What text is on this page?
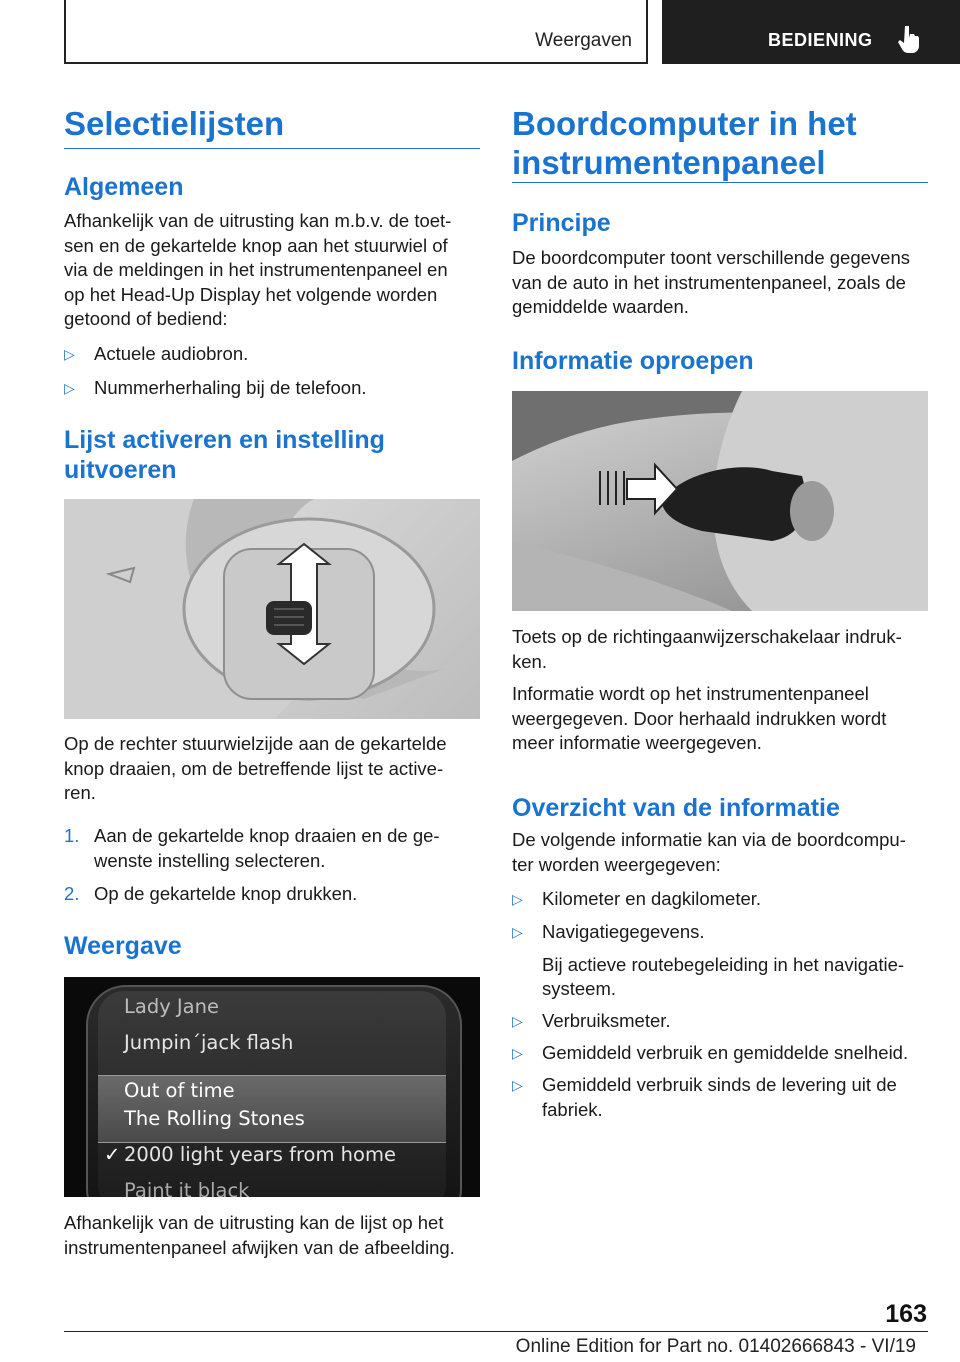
Weergaven	BEDIENING
Selectielijsten
Algemeen
Afhankelijk van de uitrusting kan m.b.v. de toet-
sen en de gekartelde knop aan het stuurwiel of
via de meldingen in het instrumentenpaneel en
op het Head-Up Display het volgende worden
getoond of bediend:
▷ Actuele audiobron.
▷ Nummerherhaling bij de telefoon.
Lijst activeren en instelling
uitvoeren
Op de rechter stuurwielzijde aan de gekartelde
knop draaien, om de betreffende lijst te active-
ren.
1. Aan de gekartelde knop draaien en de ge-
wenste instelling selecteren.
2. Op de gekartelde knop drukken.
Weergave
Lady Jane
Jumpin´jack flash
Out of time
The Rolling Stones
✓ 2000 light years from home
Paint it black
Afhankelijk van de uitrusting kan de lijst op het
instrumentenpaneel afwijken van de afbeelding.
Boordcomputer in het
instrumentenpaneel
Principe
De boordcomputer toont verschillende gegevens
van de auto in het instrumentenpaneel, zoals de
gemiddelde waarden.
Informatie oproepen
Toets op de richtingaanwijzerschakelaar indruk-
ken.
Informatie wordt op het instrumentenpaneel
weergegeven. Door herhaald indrukken wordt
meer informatie weergegeven.
Overzicht van de informatie
De volgende informatie kan via de boordcompu-
ter worden weergegeven:
▷ Kilometer en dagkilometer.
▷ Navigatiegegevens.
Bij actieve routebegeleiding in het navigatie-
systeem.
▷ Verbruiksmeter.
▷ Gemiddeld verbruik en gemiddelde snelheid.
▷ Gemiddeld verbruik sinds de levering uit de
fabriek.
163
Online Edition for Part no. 01402666843 - VI/19
